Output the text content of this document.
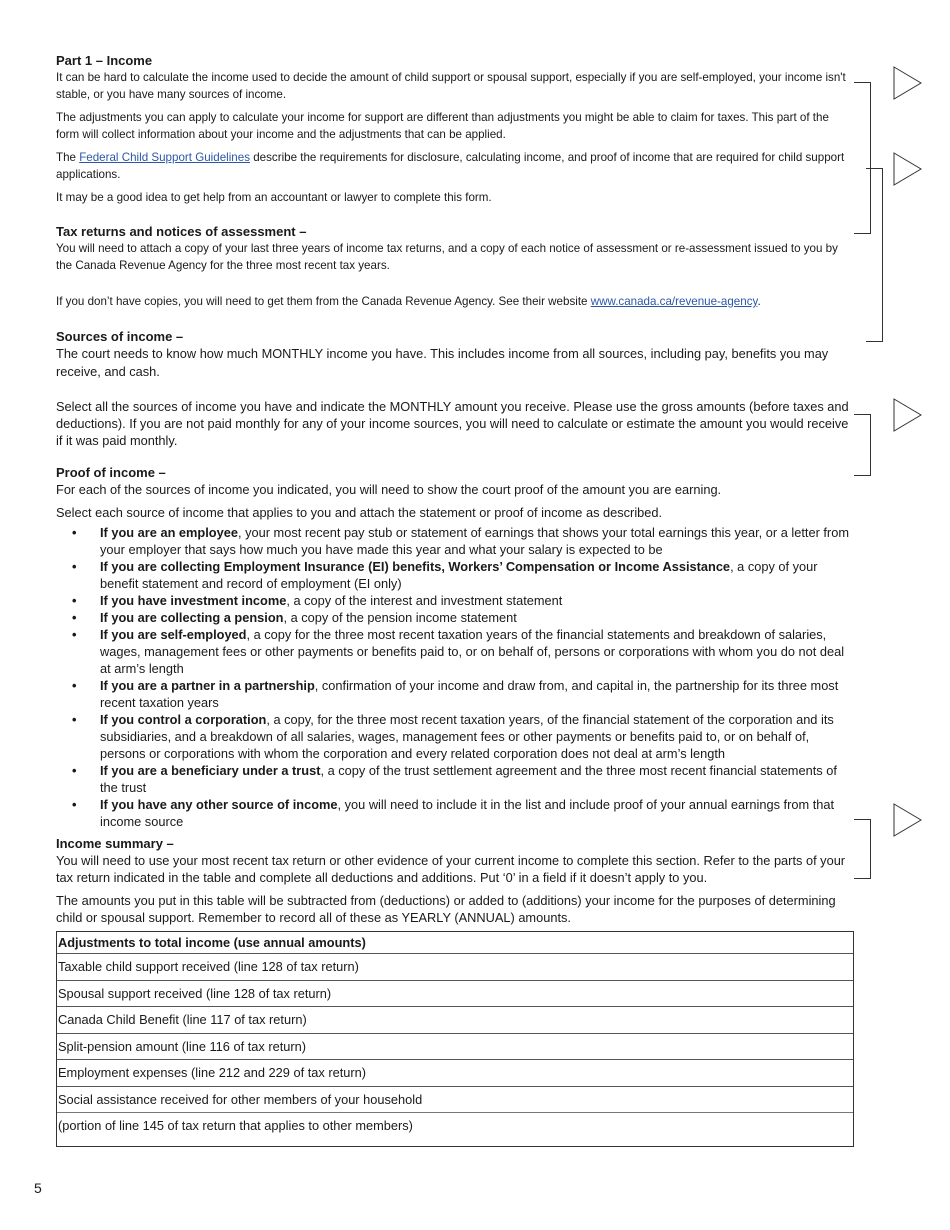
Part 1 – Income

It can be hard to calculate the income used to decide the amount of child support or spousal support, especially if you are self-employed, your income isn't stable, or you have many sources of income.

The adjustments you can apply to calculate your income for support are different than adjustments you might be able to claim for taxes. This part of the form will collect information about your income and the adjustments that can be applied.

The Federal Child Support Guidelines describe the requirements for disclosure, calculating income, and proof of income that are required for child support applications.

It may be a good idea to get help from an accountant or lawyer to complete this form.

Tax returns and notices of assessment –

You will need to attach a copy of your last three years of income tax returns, and a copy of each notice of assessment or re-assessment issued to you by the Canada Revenue Agency for the three most recent tax years.

If you don’t have copies, you will need to get them from the Canada Revenue Agency. See their website www.canada.ca/revenue-agency.

Sources of income –

The court needs to know how much MONTHLY income you have. This includes income from all sources, including pay, benefits you may receive, and cash.

Select all the sources of income you have and indicate the MONTHLY amount you receive. Please use the gross amounts (before taxes and deductions). If you are not paid monthly for any of your income sources, you will need to calculate or estimate the amount you would receive if it was paid monthly.

Proof of income –

For each of the sources of income you indicated, you will need to show the court proof of the amount you are earning.

Select each source of income that applies to you and attach the statement or proof of income as described.

• If you are an employee, your most recent pay stub or statement of earnings that shows your total earnings this year, or a letter from your employer that says how much you have made this year and what your salary is expected to be
• If you are collecting Employment Insurance (EI) benefits, Workers’ Compensation or Income Assistance, a copy of your benefit statement and record of employment (EI only)
• If you have investment income, a copy of the interest and investment statement
• If you are collecting a pension, a copy of the pension income statement
• If you are self-employed, a copy for the three most recent taxation years of the financial statements and breakdown of salaries, wages, management fees or other payments or benefits paid to, or on behalf of, persons or corporations with whom you do not deal at arm’s length
• If you are a partner in a partnership, confirmation of your income and draw from, and capital in, the partnership for its three most recent taxation years
• If you control a corporation, a copy, for the three most recent taxation years, of the financial statement of the corporation and its subsidiaries, and a breakdown of all salaries, wages, management fees or other payments or benefits paid to, or on behalf of, persons or corporations with whom the corporation and every related corporation does not deal at arm’s length
• If you are a beneficiary under a trust, a copy of the trust settlement agreement and the three most recent financial statements of the trust
• If you have any other source of income, you will need to include it in the list and include proof of your annual earnings from that income source

Income summary –

You will need to use your most recent tax return or other evidence of your current income to complete this section. Refer to the parts of your tax return indicated in the table and complete all deductions and additions. Put ‘0’ in a field if it doesn’t apply to you.

The amounts you put in this table will be subtracted from (deductions) or added to (additions) your income for the purposes of determining child or spousal support. Remember to record all of these as YEARLY (ANNUAL) amounts.

Adjustments to total income (use annual amounts)
Taxable child support received (line 128 of tax return)
Spousal support received (line 128 of tax return)
Canada Child Benefit (line 117 of tax return)
Split-pension amount (line 116 of tax return)
Employment expenses (line 212 and 229 of tax return)
Social assistance received for other members of your household
(portion of line 145 of tax return that applies to other members)
5
